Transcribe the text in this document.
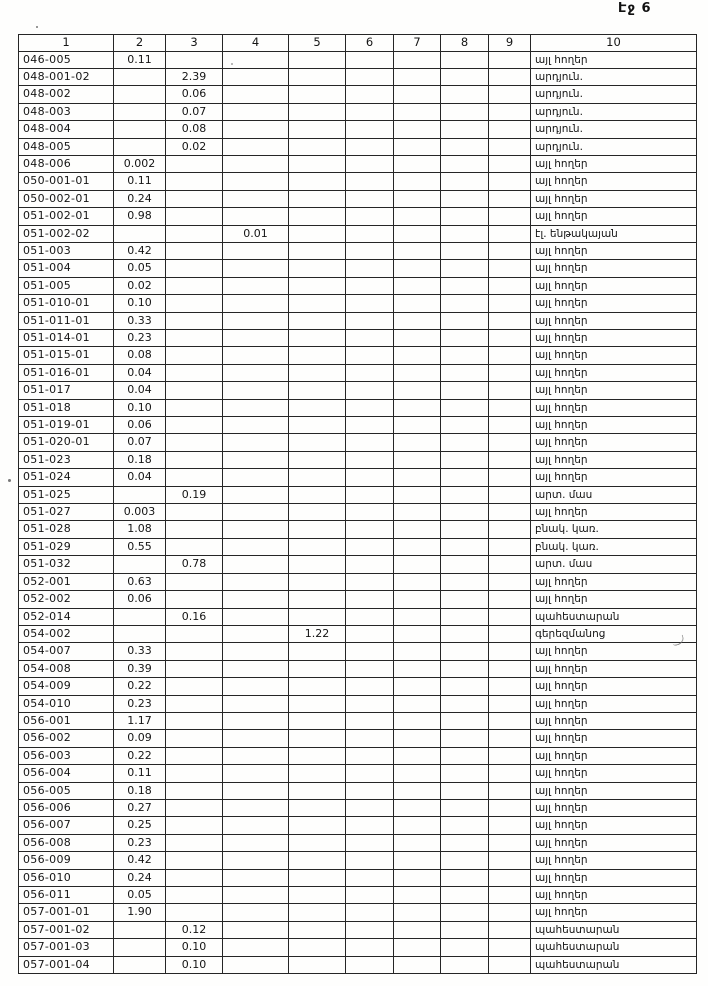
Էջ 6
1	2	3	4	5	6	7	8	9	10
046-005	0.11								այլ հողեր
048-001-02		2.39							արդյուն.
048-002		0.06							արդյուն.
048-003		0.07							արդյուն.
048-004		0.08							արդյուն.
048-005		0.02							արդյուն.
048-006	0.002								այլ հողեր
050-001-01	0.11								այլ հողեր
050-002-01	0.24								այլ հողեր
051-002-01	0.98								այլ հողեր
051-002-02			0.01						էլ. ենթակայան
051-003	0.42								այլ հողեր
051-004	0.05								այլ հողեր
051-005	0.02								այլ հողեր
051-010-01	0.10								այլ հողեր
051-011-01	0.33								այլ հողեր
051-014-01	0.23								այլ հողեր
051-015-01	0.08								այլ հողեր
051-016-01	0.04								այլ հողեր
051-017	0.04								այլ հողեր
051-018	0.10								այլ հողեր
051-019-01	0.06								այլ հողեր
051-020-01	0.07								այլ հողեր
051-023	0.18								այլ հողեր
051-024	0.04								այլ հողեր
051-025		0.19							արտ. մաս
051-027	0.003								այլ հողեր
051-028	1.08								բնակ. կառ.
051-029	0.55								բնակ. կառ.
051-032		0.78							արտ. մաս
052-001	0.63								այլ հողեր
052-002	0.06								այլ հողեր
052-014		0.16							պահեստարան
054-002				1.22					գերեզմանոց
054-007	0.33								այլ հողեր
054-008	0.39								այլ հողեր
054-009	0.22								այլ հողեր
054-010	0.23								այլ հողեր
056-001	1.17								այլ հողեր
056-002	0.09								այլ հողեր
056-003	0.22								այլ հողեր
056-004	0.11								այլ հողեր
056-005	0.18								այլ հողեր
056-006	0.27								այլ հողեր
056-007	0.25								այլ հողեր
056-008	0.23								այլ հողեր
056-009	0.42								այլ հողեր
056-010	0.24								այլ հողեր
056-011	0.05								այլ հողեր
057-001-01	1.90								այլ հողեր
057-001-02		0.12							պահեստարան
057-001-03		0.10							պահեստարան
057-001-04		0.10							պահեստարան
